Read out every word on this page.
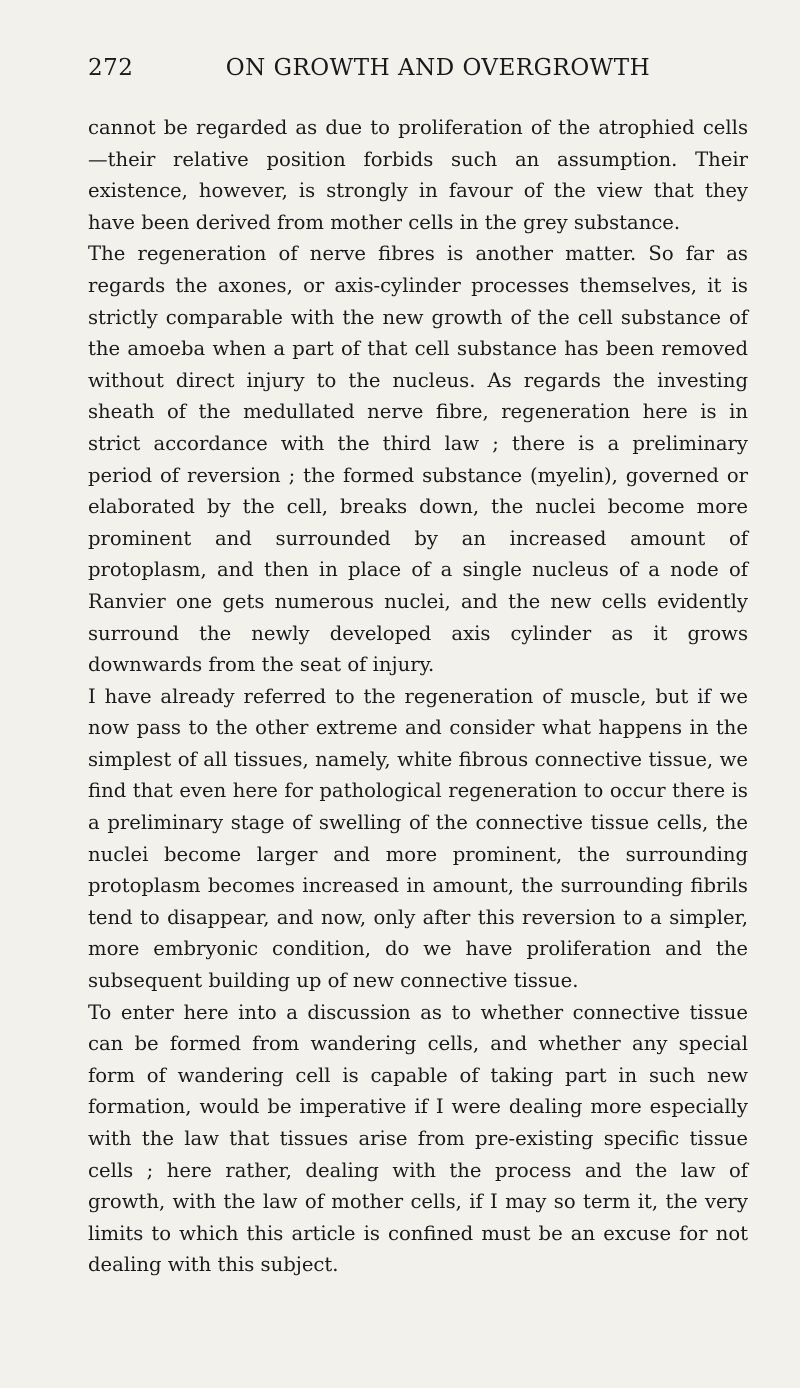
272	ON GROWTH AND OVERGROWTH

cannot be regarded as due to proliferation of the atrophied cells —their relative position forbids such an assumption. Their existence, however, is strongly in favour of the view that they have been derived from mother cells in the grey substance.

The regeneration of nerve fibres is another matter. So far as regards the axones, or axis-cylinder processes themselves, it is strictly comparable with the new growth of the cell substance of the amoeba when a part of that cell substance has been removed without direct injury to the nucleus. As regards the investing sheath of the medullated nerve fibre, regeneration here is in strict accordance with the third law ; there is a preliminary period of reversion ; the formed substance (myelin), governed or elaborated by the cell, breaks down, the nuclei become more prominent and surrounded by an increased amount of protoplasm, and then in place of a single nucleus of a node of Ranvier one gets numerous nuclei, and the new cells evidently surround the newly developed axis cylinder as it grows downwards from the seat of injury.

I have already referred to the regeneration of muscle, but if we now pass to the other extreme and consider what happens in the simplest of all tissues, namely, white fibrous connective tissue, we find that even here for pathological regeneration to occur there is a preliminary stage of swelling of the connective tissue cells, the nuclei become larger and more prominent, the surrounding protoplasm becomes increased in amount, the surrounding fibrils tend to disappear, and now, only after this reversion to a simpler, more embryonic condition, do we have proliferation and the subsequent building up of new connective tissue.

To enter here into a discussion as to whether connective tissue can be formed from wandering cells, and whether any special form of wandering cell is capable of taking part in such new formation, would be imperative if I were dealing more especially with the law that tissues arise from pre-existing specific tissue cells ; here rather, dealing with the process and the law of growth, with the law of mother cells, if I may so term it, the very limits to which this article is confined must be an excuse for not dealing with this subject.
